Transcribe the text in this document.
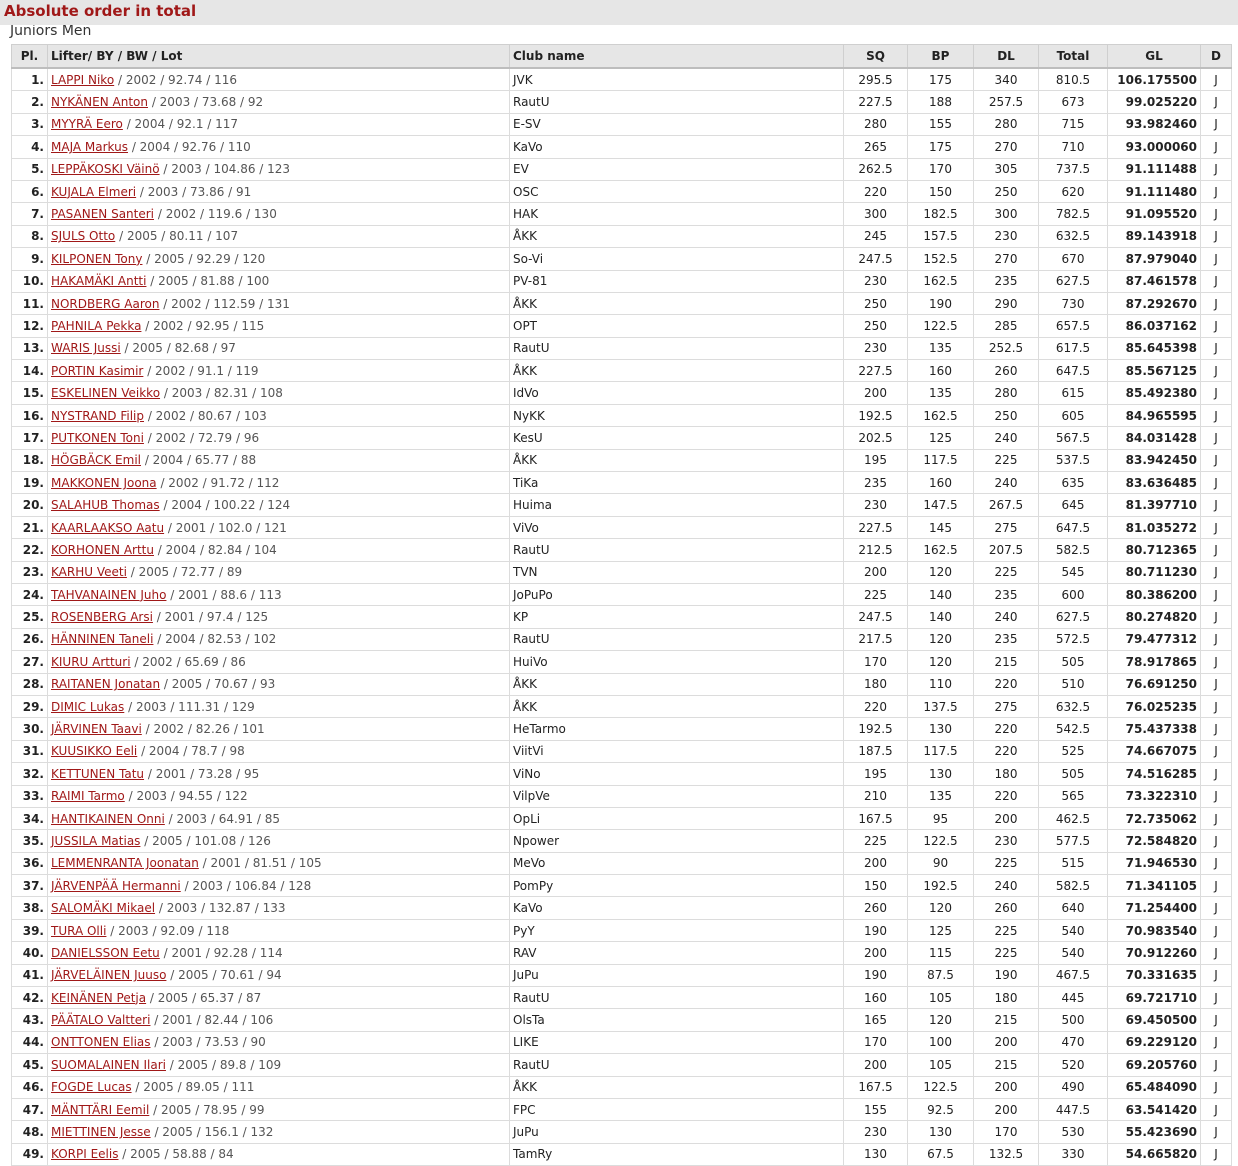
Absolute order in total
Juniors Men
Pl.	Lifter/ BY / BW / Lot	Club name	SQ	BP	DL	Total	GL	D
1.	LAPPI Niko / 2002 / 92.74 / 116	JVK	295.5	175	340	810.5	106.175500	J
2.	NYKÄNEN Anton / 2003 / 73.68 / 92	RautU	227.5	188	257.5	673	99.025220	J
3.	MYYRÄ Eero / 2004 / 92.1 / 117	E-SV	280	155	280	715	93.982460	J
4.	MAJA Markus / 2004 / 92.76 / 110	KaVo	265	175	270	710	93.000060	J
5.	LEPPÄKOSKI Väinö / 2003 / 104.86 / 123	EV	262.5	170	305	737.5	91.111488	J
6.	KUJALA Elmeri / 2003 / 73.86 / 91	OSC	220	150	250	620	91.111480	J
7.	PASANEN Santeri / 2002 / 119.6 / 130	HAK	300	182.5	300	782.5	91.095520	J
8.	SJULS Otto / 2005 / 80.11 / 107	ÅKK	245	157.5	230	632.5	89.143918	J
9.	KILPONEN Tony / 2005 / 92.29 / 120	So-Vi	247.5	152.5	270	670	87.979040	J
10.	HAKAMÄKI Antti / 2005 / 81.88 / 100	PV-81	230	162.5	235	627.5	87.461578	J
11.	NORDBERG Aaron / 2002 / 112.59 / 131	ÅKK	250	190	290	730	87.292670	J
12.	PAHNILA Pekka / 2002 / 92.95 / 115	OPT	250	122.5	285	657.5	86.037162	J
13.	WARIS Jussi / 2005 / 82.68 / 97	RautU	230	135	252.5	617.5	85.645398	J
14.	PORTIN Kasimir / 2002 / 91.1 / 119	ÅKK	227.5	160	260	647.5	85.567125	J
15.	ESKELINEN Veikko / 2003 / 82.31 / 108	IdVo	200	135	280	615	85.492380	J
16.	NYSTRAND Filip / 2002 / 80.67 / 103	NyKK	192.5	162.5	250	605	84.965595	J
17.	PUTKONEN Toni / 2002 / 72.79 / 96	KesU	202.5	125	240	567.5	84.031428	J
18.	HÖGBÄCK Emil / 2004 / 65.77 / 88	ÅKK	195	117.5	225	537.5	83.942450	J
19.	MAKKONEN Joona / 2002 / 91.72 / 112	TiKa	235	160	240	635	83.636485	J
20.	SALAHUB Thomas / 2004 / 100.22 / 124	Huima	230	147.5	267.5	645	81.397710	J
21.	KAARLAAKSO Aatu / 2001 / 102.0 / 121	ViVo	227.5	145	275	647.5	81.035272	J
22.	KORHONEN Arttu / 2004 / 82.84 / 104	RautU	212.5	162.5	207.5	582.5	80.712365	J
23.	KARHU Veeti / 2005 / 72.77 / 89	TVN	200	120	225	545	80.711230	J
24.	TAHVANAINEN Juho / 2001 / 88.6 / 113	JoPuPo	225	140	235	600	80.386200	J
25.	ROSENBERG Arsi / 2001 / 97.4 / 125	KP	247.5	140	240	627.5	80.274820	J
26.	HÄNNINEN Taneli / 2004 / 82.53 / 102	RautU	217.5	120	235	572.5	79.477312	J
27.	KIURU Artturi / 2002 / 65.69 / 86	HuiVo	170	120	215	505	78.917865	J
28.	RAITANEN Jonatan / 2005 / 70.67 / 93	ÅKK	180	110	220	510	76.691250	J
29.	DIMIC Lukas / 2003 / 111.31 / 129	ÅKK	220	137.5	275	632.5	76.025235	J
30.	JÄRVINEN Taavi / 2002 / 82.26 / 101	HeTarmo	192.5	130	220	542.5	75.437338	J
31.	KUUSIKKO Eeli / 2004 / 78.7 / 98	ViitVi	187.5	117.5	220	525	74.667075	J
32.	KETTUNEN Tatu / 2001 / 73.28 / 95	ViNo	195	130	180	505	74.516285	J
33.	RAIMI Tarmo / 2003 / 94.55 / 122	VilpVe	210	135	220	565	73.322310	J
34.	HANTIKAINEN Onni / 2003 / 64.91 / 85	OpLi	167.5	95	200	462.5	72.735062	J
35.	JUSSILA Matias / 2005 / 101.08 / 126	Npower	225	122.5	230	577.5	72.584820	J
36.	LEMMENRANTA Joonatan / 2001 / 81.51 / 105	MeVo	200	90	225	515	71.946530	J
37.	JÄRVENPÄÄ Hermanni / 2003 / 106.84 / 128	PomPy	150	192.5	240	582.5	71.341105	J
38.	SALOMÄKI Mikael / 2003 / 132.87 / 133	KaVo	260	120	260	640	71.254400	J
39.	TURA Olli / 2003 / 92.09 / 118	PyY	190	125	225	540	70.983540	J
40.	DANIELSSON Eetu / 2001 / 92.28 / 114	RAV	200	115	225	540	70.912260	J
41.	JÄRVELÄINEN Juuso / 2005 / 70.61 / 94	JuPu	190	87.5	190	467.5	70.331635	J
42.	KEINÄNEN Petja / 2005 / 65.37 / 87	RautU	160	105	180	445	69.721710	J
43.	PÄÄTALO Valtteri / 2001 / 82.44 / 106	OlsTa	165	120	215	500	69.450500	J
44.	ONTTONEN Elias / 2003 / 73.53 / 90	LIKE	170	100	200	470	69.229120	J
45.	SUOMALAINEN Ilari / 2005 / 89.8 / 109	RautU	200	105	215	520	69.205760	J
46.	FOGDE Lucas / 2005 / 89.05 / 111	ÅKK	167.5	122.5	200	490	65.484090	J
47.	MÄNTTÄRI Eemil / 2005 / 78.95 / 99	FPC	155	92.5	200	447.5	63.541420	J
48.	MIETTINEN Jesse / 2005 / 156.1 / 132	JuPu	230	130	170	530	55.423690	J
49.	KORPI Eelis / 2005 / 58.88 / 84	TamRy	130	67.5	132.5	330	54.665820	J
